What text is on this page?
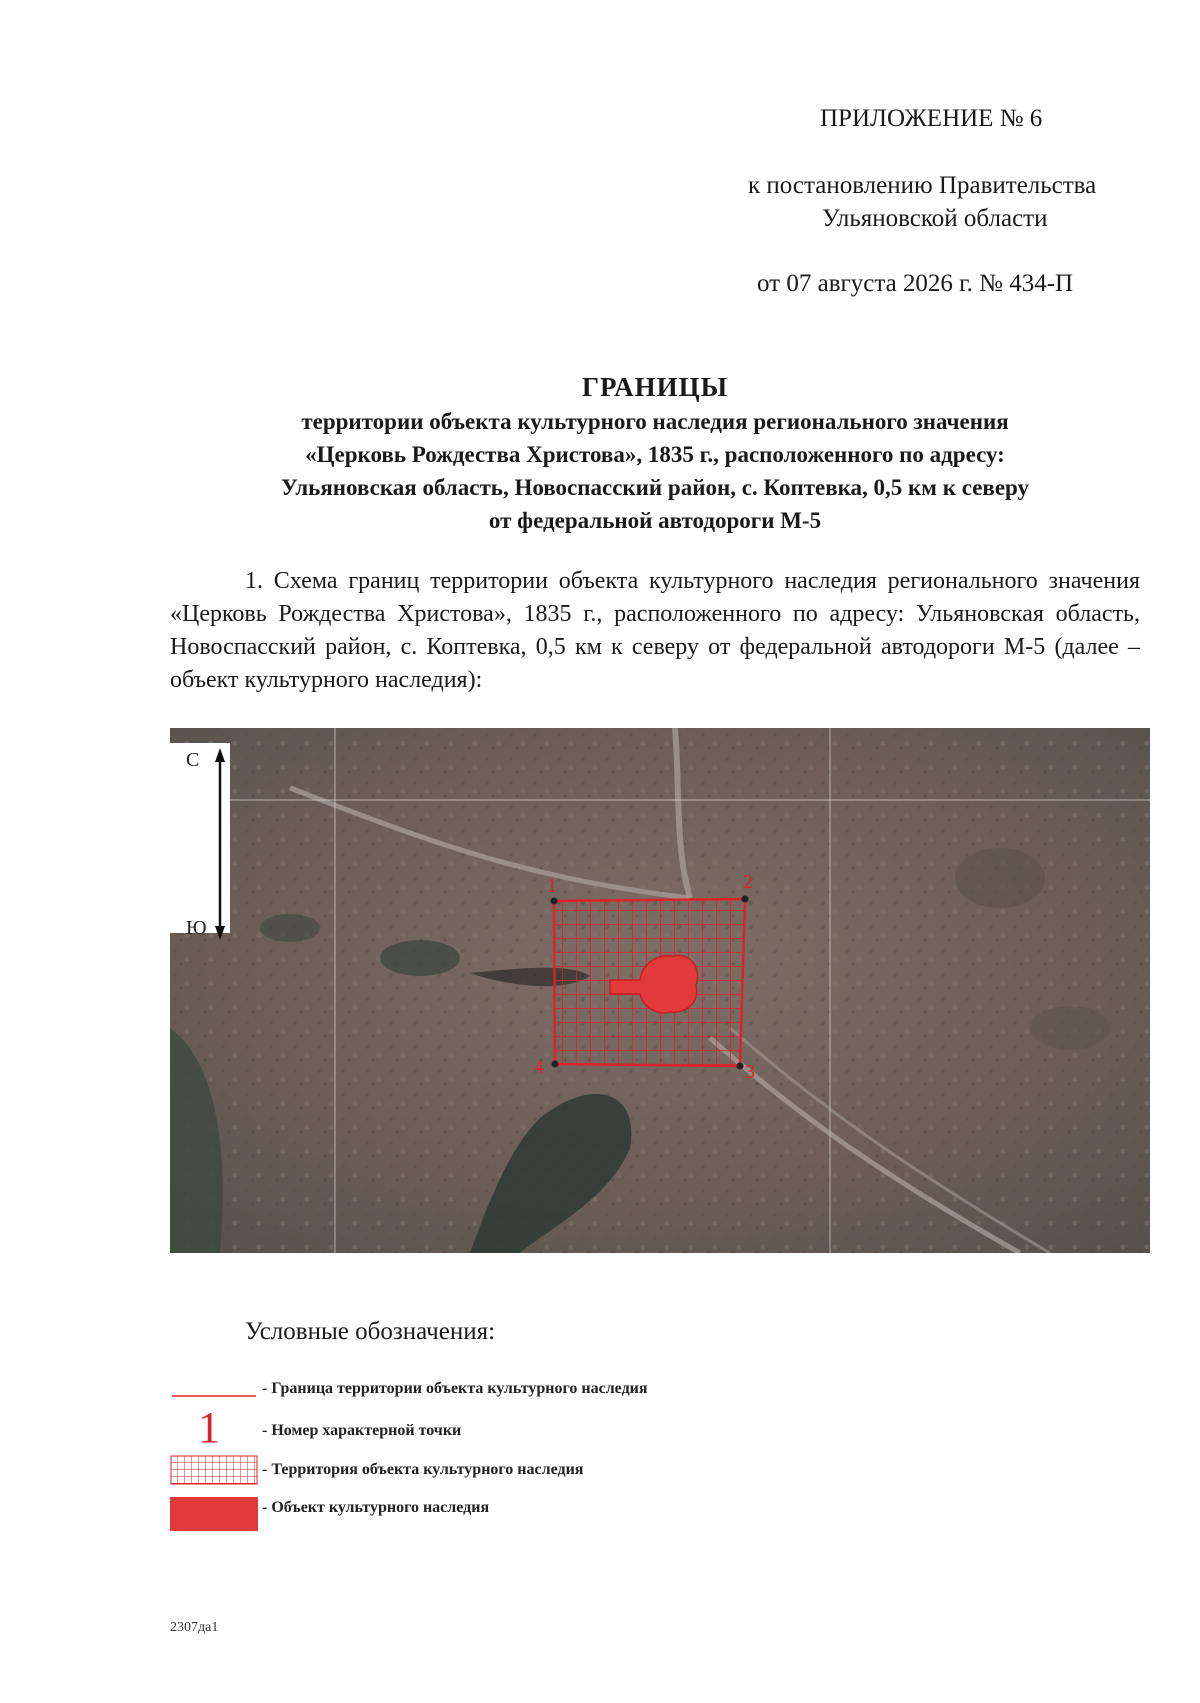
ПРИЛОЖЕНИЕ № 6
к постановлению Правительства
Ульяновской области
от 07 августа 2026 г. № 434-П
ГРАНИЦЫ
территории объекта культурного наследия регионального значения
«Церковь Рождества Христова», 1835 г., расположенного по адресу:
Ульяновская область, Новоспасский район, с. Коптевка, 0,5 км к северу
от федеральной автодороги М-5

1. Схема границ территории объекта культурного наследия регионального значения «Церковь Рождества Христова», 1835 г., расположенного по адресу: Ульяновская область, Новоспасский район, с. Коптевка, 0,5 км к северу от федеральной автодороги М-5 (далее – объект культурного наследия):

С
Ю
1	2
3
4
Условные обозначения:
- Граница территории объекта культурного наследия
1	- Номер характерной точки
- Территория объекта культурного наследия
- Объект культурного наследия
2307да1
